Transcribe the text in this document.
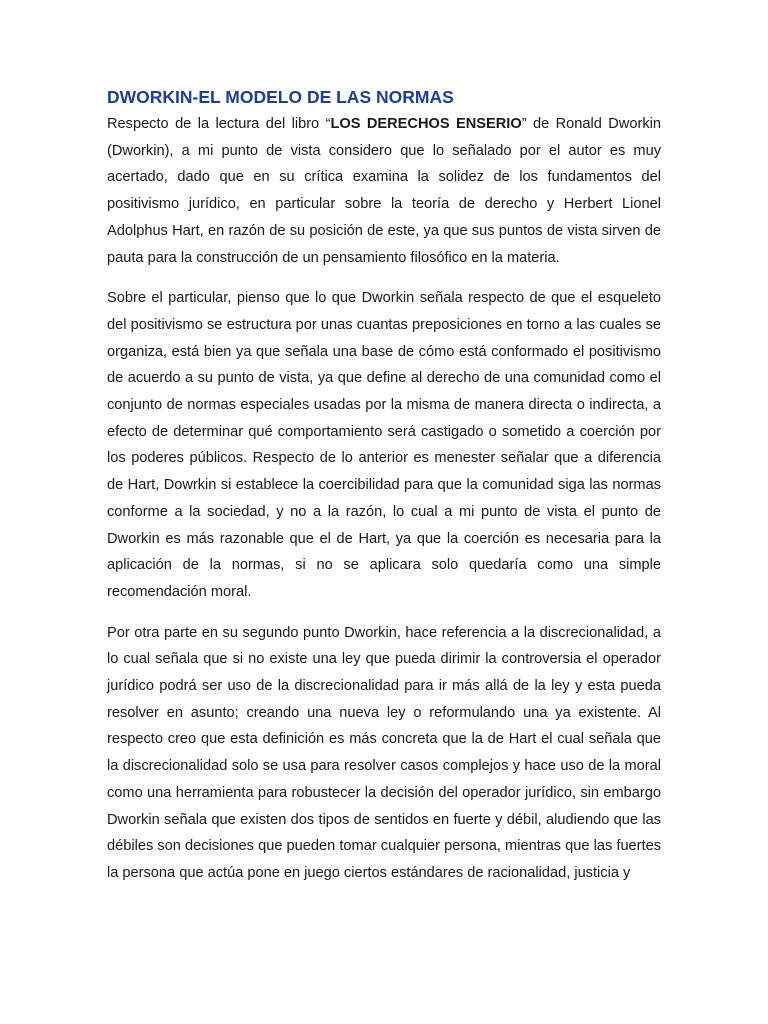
DWORKIN-EL MODELO DE LAS NORMAS

Respecto de la lectura del libro “LOS DERECHOS ENSERIO” de Ronald Dworkin (Dworkin), a mi punto de vista considero que lo señalado por el autor es muy acertado, dado que en su crítica examina la solidez de los fundamentos del positivismo jurídico, en particular sobre la teoría de derecho y Herbert Lionel Adolphus Hart, en razón de su posición de este, ya que sus puntos de vista sirven de pauta para la construcción de un pensamiento filosófico en la materia.

Sobre el particular, pienso que lo que Dworkin señala respecto de que el esqueleto del positivismo se estructura por unas cuantas preposiciones en torno a las cuales se organiza, está bien ya que señala una base de cómo está conformado el positivismo de acuerdo a su punto de vista, ya que define al derecho de una comunidad como el conjunto de normas especiales usadas por la misma de manera directa o indirecta, a efecto de determinar qué comportamiento será castigado o sometido a coerción por los poderes públicos. Respecto de lo anterior es menester señalar que a diferencia de Hart, Dowrkin si establece la coercibilidad para que la comunidad siga las normas conforme a la sociedad, y no a la razón, lo cual a mi punto de vista el punto de Dworkin es más razonable que el de Hart, ya que la coerción es necesaria para la aplicación de la normas, si no se aplicara solo quedaría como una simple recomendación moral.

Por otra parte en su segundo punto Dworkin, hace referencia a la discrecionalidad, a lo cual señala que si no existe una ley que pueda dirimir la controversia el operador jurídico podrá ser uso de la discrecionalidad para ir más allá de la ley y esta pueda resolver en asunto; creando una nueva ley o reformulando una ya existente. Al respecto creo que esta definición es más concreta que la de Hart el cual señala que la discrecionalidad solo se usa para resolver casos complejos y hace uso de la moral como una herramienta para robustecer la decisión del operador jurídico, sin embargo Dworkin señala que existen dos tipos de sentidos en fuerte y débil, aludiendo que las débiles son decisiones que pueden tomar cualquier persona, mientras que las fuertes la persona que actúa pone en juego ciertos estándares de racionalidad, justicia y
